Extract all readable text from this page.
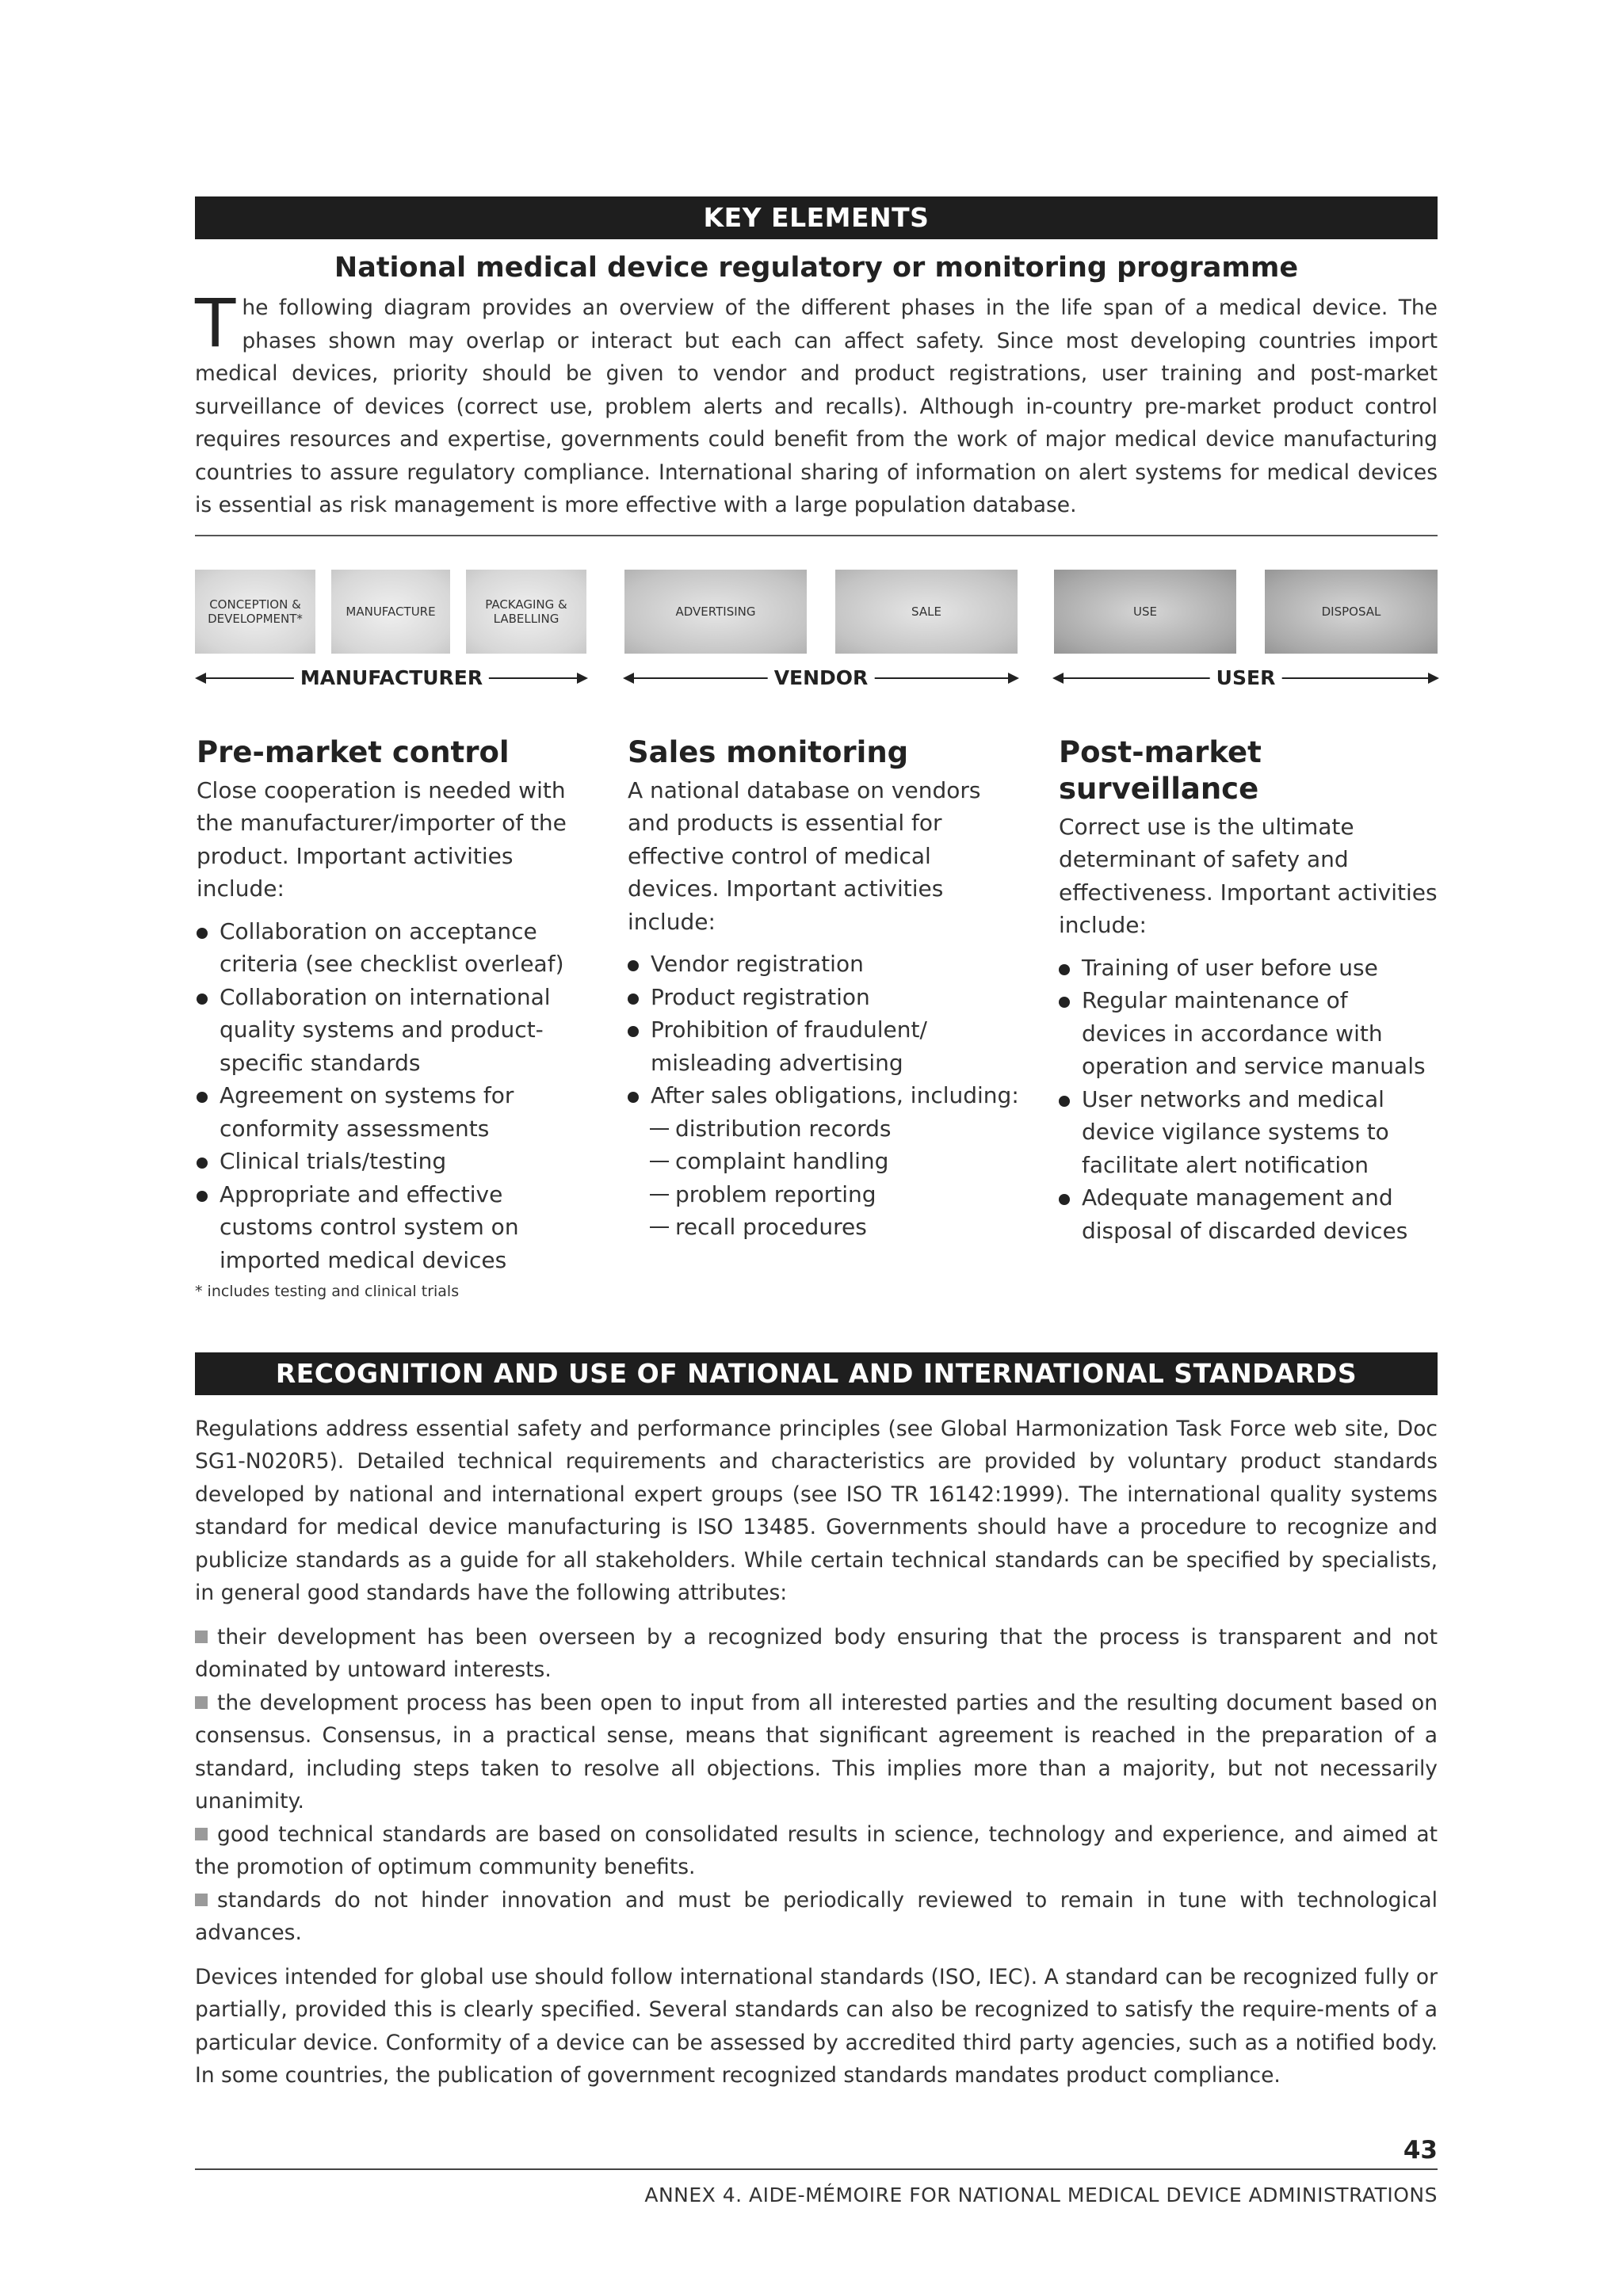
KEY ELEMENTS
National medical device regulatory or monitoring programme
T he following diagram provides an overview of the different phases in the life span of a medical device. The phases shown may overlap or interact but each can affect safety. Since most developing countries import medical devices, priority should be given to vendor and product registrations, user training and post-market surveillance of devices (correct use, problem alerts and recalls). Although in-country pre-market product control requires resources and expertise, governments could benefit from the work of major medical device manufacturing countries to assure regulatory compliance. International sharing of information on alert systems for medical devices is essential as risk management is more effective with a large population database.
CONCEPTION & DEVELOPMENT*	MANUFACTURE	PACKAGING & LABELLING	ADVERTISING	SALE	USE	DISPOSAL
MANUFACTURER	VENDOR	USER
Pre-market control

Close cooperation is needed with the manufacturer/importer of the product. Important activities include:

Collaboration on acceptance criteria (see checklist overleaf)
Collaboration on international quality systems and product-specific standards
Agreement on systems for conformity assessments
Clinical trials/testing
Appropriate and effective customs control system on imported medical devices
Sales monitoring

A national database on vendors and products is essential for effective control of medical devices. Important activities include:

Vendor registration
Product registration
Prohibition of fraudulent/ misleading advertising
After sales obligations, including:
distribution records
complaint handling
problem reporting
recall procedures
Post-market surveillance

Correct use is the ultimate determinant of safety and effectiveness. Important activities include:

Training of user before use
Regular maintenance of devices in accordance with operation and service manuals
User networks and medical device vigilance systems to facilitate alert notification
Adequate management and disposal of discarded devices
* includes testing and clinical trials
RECOGNITION AND USE OF NATIONAL AND INTERNATIONAL STANDARDS
Regulations address essential safety and performance principles (see Global Harmonization Task Force web site, Doc SG1-N020R5). Detailed technical requirements and characteristics are provided by voluntary product standards developed by national and international expert groups (see ISO TR 16142:1999). The international quality systems standard for medical device manufacturing is ISO 13485. Governments should have a procedure to recognize and publicize standards as a guide for all stakeholders. While certain technical standards can be specified by specialists, in general good standards have the following attributes:
their development has been overseen by a recognized body ensuring that the process is transparent and not dominated by untoward interests.
the development process has been open to input from all interested parties and the resulting document based on consensus. Consensus, in a practical sense, means that significant agreement is reached in the preparation of a standard, including steps taken to resolve all objections. This implies more than a majority, but not necessarily unanimity.
good technical standards are based on consolidated results in science, technology and experience, and aimed at the promotion of optimum community benefits.
standards do not hinder innovation and must be periodically reviewed to remain in tune with technological advances.
Devices intended for global use should follow international standards (ISO, IEC). A standard can be recognized fully or partially, provided this is clearly specified. Several standards can also be recognized to satisfy the require-ments of a particular device. Conformity of a device can be assessed by accredited third party agencies, such as a notified body. In some countries, the publication of government recognized standards mandates product compliance.
43
ANNEX 4. AIDE-MÉMOIRE FOR NATIONAL MEDICAL DEVICE ADMINISTRATIONS
